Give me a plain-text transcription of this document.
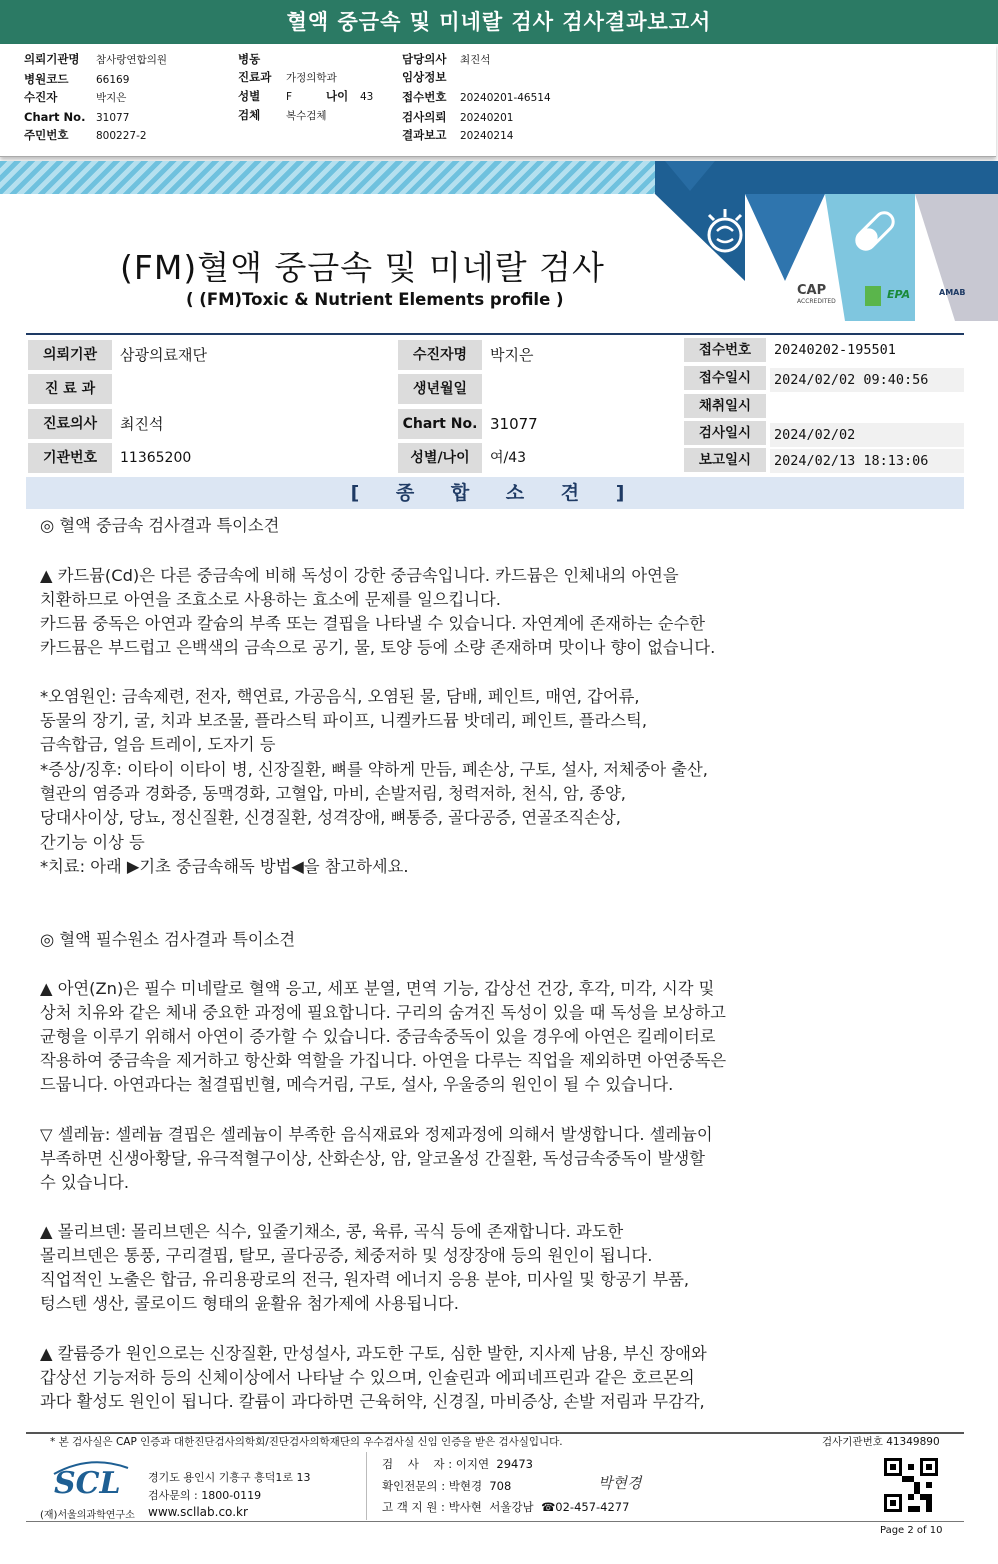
혈액 중금속 및 미네랄 검사 검사결과보고서
의뢰기관명 참사랑연합의원
병원코드	66169
수진자	박지은
Chart No. 31077
주민번호	800227-2
병동
진료과 가정의학과
성별 F	나이 43
검체 복수검체
담당의사 최진석
임상정보
접수번호 20240201-46514
검사의뢰 20240201
결과보고 20240214
CAP
ACCREDITED
EPA	AMAB
(FM)혈액 중금속 및 미네랄 검사
( (FM)Toxic & Nutrient Elements profile )
의뢰기관	삼광의료재단
진 료 과
진료의사	최진석
기관번호	11365200
수진자명	박지은
생년월일
Chart No. 31077
성별/나이	여/43
접수번호	20240202-195501
접수일시	2024/02/02 09:40:56
채취일시
검사일시	2024/02/02
보고일시	2024/02/13 18:13:06
[ 종 합 소 견 ]
◎ 혈액 중금속 검사결과 특이소견
▲ 카드뮴(Cd)은 다른 중금속에 비해 독성이 강한 중금속입니다. 카드뮴은 인체내의 아연을
치환하므로 아연을 조효소로 사용하는 효소에 문제를 일으킵니다.
카드뮴 중독은 아연과 칼슘의 부족 또는 결핍을 나타낼 수 있습니다. 자연계에 존재하는 순수한
카드뮴은 부드럽고 은백색의 금속으로 공기, 물, 토양 등에 소량 존재하며 맛이나 향이 없습니다.
*오염원인: 금속제련, 전자, 핵연료, 가공음식, 오염된 물, 담배, 페인트, 매연, 갑어류,
동물의 장기, 굴, 치과 보조물, 플라스틱 파이프, 니켈카드뮴 밧데리, 페인트, 플라스틱,
금속합금, 얼음 트레이, 도자기 등
*증상/징후: 이타이 이타이 병, 신장질환, 뼈를 약하게 만듬, 폐손상, 구토, 설사, 저체중아 출산,
혈관의 염증과 경화증, 동맥경화, 고혈압, 마비, 손발저림, 청력저하, 천식, 암, 종양,
당대사이상, 당뇨, 정신질환, 신경질환, 성격장애, 뼈통증, 골다공증, 연골조직손상,
간기능 이상 등
*치료: 아래 ▶기초 중금속해독 방법◀을 참고하세요.
◎ 혈액 필수원소 검사결과 특이소견
▲ 아연(Zn)은 필수 미네랄로 혈액 응고, 세포 분열, 면역 기능, 갑상선 건강, 후각, 미각, 시각 및
상처 치유와 같은 체내 중요한 과정에 필요합니다. 구리의 숨겨진 독성이 있을 때 독성을 보상하고
균형을 이루기 위해서 아연이 증가할 수 있습니다. 중금속중독이 있을 경우에 아연은 킬레이터로
작용하여 중금속을 제거하고 항산화 역할을 가집니다. 아연을 다루는 직업을 제외하면 아연중독은
드뭅니다. 아연과다는 철결핍빈혈, 메슥거림, 구토, 설사, 우울증의 원인이 될 수 있습니다.
▽ 셀레늄: 셀레늄 결핍은 셀레늄이 부족한 음식재료와 정제과정에 의해서 발생합니다. 셀레늄이
부족하면 신생아황달, 유극적혈구이상, 산화손상, 암, 알코올성 간질환, 독성금속중독이 발생할
수 있습니다.
▲ 몰리브덴: 몰리브덴은 식수, 잎줄기채소, 콩, 육류, 곡식 등에 존재합니다. 과도한
몰리브덴은 통풍, 구리결핍, 탈모, 골다공증, 체중저하 및 성장장애 등의 원인이 됩니다.
직업적인 노출은 합금, 유리용광로의 전극, 원자력 에너지 응용 분야, 미사일 및 항공기 부품,
텅스텐 생산, 콜로이드 형태의 윤활유 첨가제에 사용됩니다.
▲ 칼륨증가 원인으로는 신장질환, 만성설사, 과도한 구토, 심한 발한, 지사제 남용, 부신 장애와
갑상선 기능저하 등의 신체이상에서 나타날 수 있으며, 인슐린과 에피네프린과 같은 호르몬의
과다 활성도 원인이 됩니다. 칼륨이 과다하면 근육허약, 신경질, 마비증상, 손발 저림과 무감각,
* 본 검사실은 CAP 인증과 대한진단검사의학회/진단검사의학재단의 우수검사실 신임 인증을 받은 검사실입니다.	검사기관번호 41349890
SCL
(재)서울의과학연구소
경기도 용인시 기흥구 흥덕1로 13
검사문의 : 1800-0119
www.scllab.co.kr
검    사    자 : 이지연  29473
확인전문의 : 박현경  708
고 객 지 원 : 박사현  서울강남  ☎02-457-4277
박현경
Page 2 of 10
